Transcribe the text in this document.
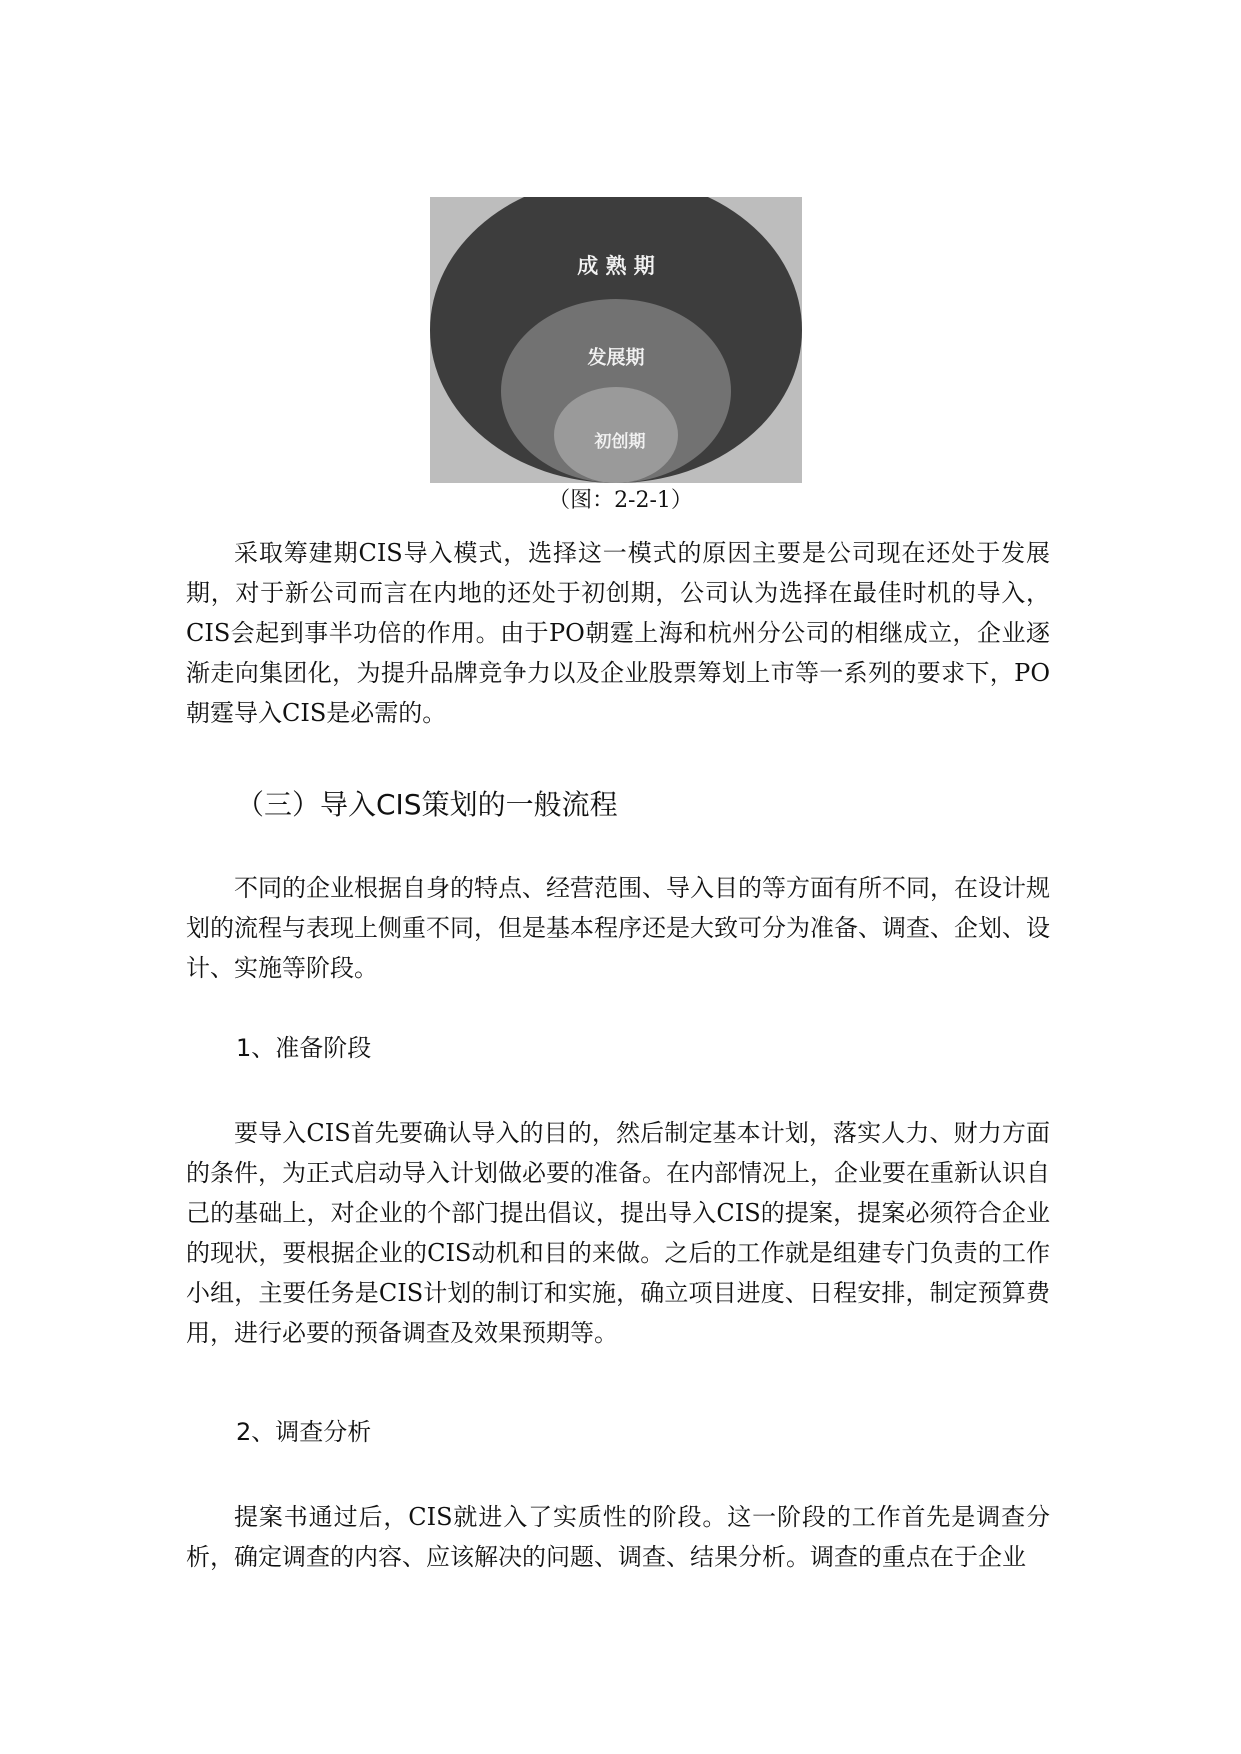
成 熟 期
发展期
初创期
（图：2-2-1）

采取筹建期CIS导入模式，选择这一模式的原因主要是公司现在还处于发展期，对于新公司而言在内地的还处于初创期，公司认为选择在最佳时机的导入，CIS会起到事半功倍的作用。由于PO朝霆上海和杭州分公司的相继成立，企业逐渐走向集团化，为提升品牌竞争力以及企业股票筹划上市等一系列的要求下，PO朝霆导入CIS是必需的。

（三）导入CIS策划的一般流程

不同的企业根据自身的特点、经营范围、导入目的等方面有所不同，在设计规划的流程与表现上侧重不同，但是基本程序还是大致可分为准备、调查、企划、设计、实施等阶段。

1、准备阶段

要导入CIS首先要确认导入的目的，然后制定基本计划，落实人力、财力方面的条件，为正式启动导入计划做必要的准备。在内部情况上，企业要在重新认识自己的基础上，对企业的个部门提出倡议，提出导入CIS的提案，提案必须符合企业的现状，要根据企业的CIS动机和目的来做。之后的工作就是组建专门负责的工作小组，主要任务是CIS计划的制订和实施，确立项目进度、日程安排，制定预算费用，进行必要的预备调查及效果预期等。

2、调查分析

提案书通过后，CIS就进入了实质性的阶段。这一阶段的工作首先是调查分析，确定调查的内容、应该解决的问题、调查、结果分析。调查的重点在于企业
